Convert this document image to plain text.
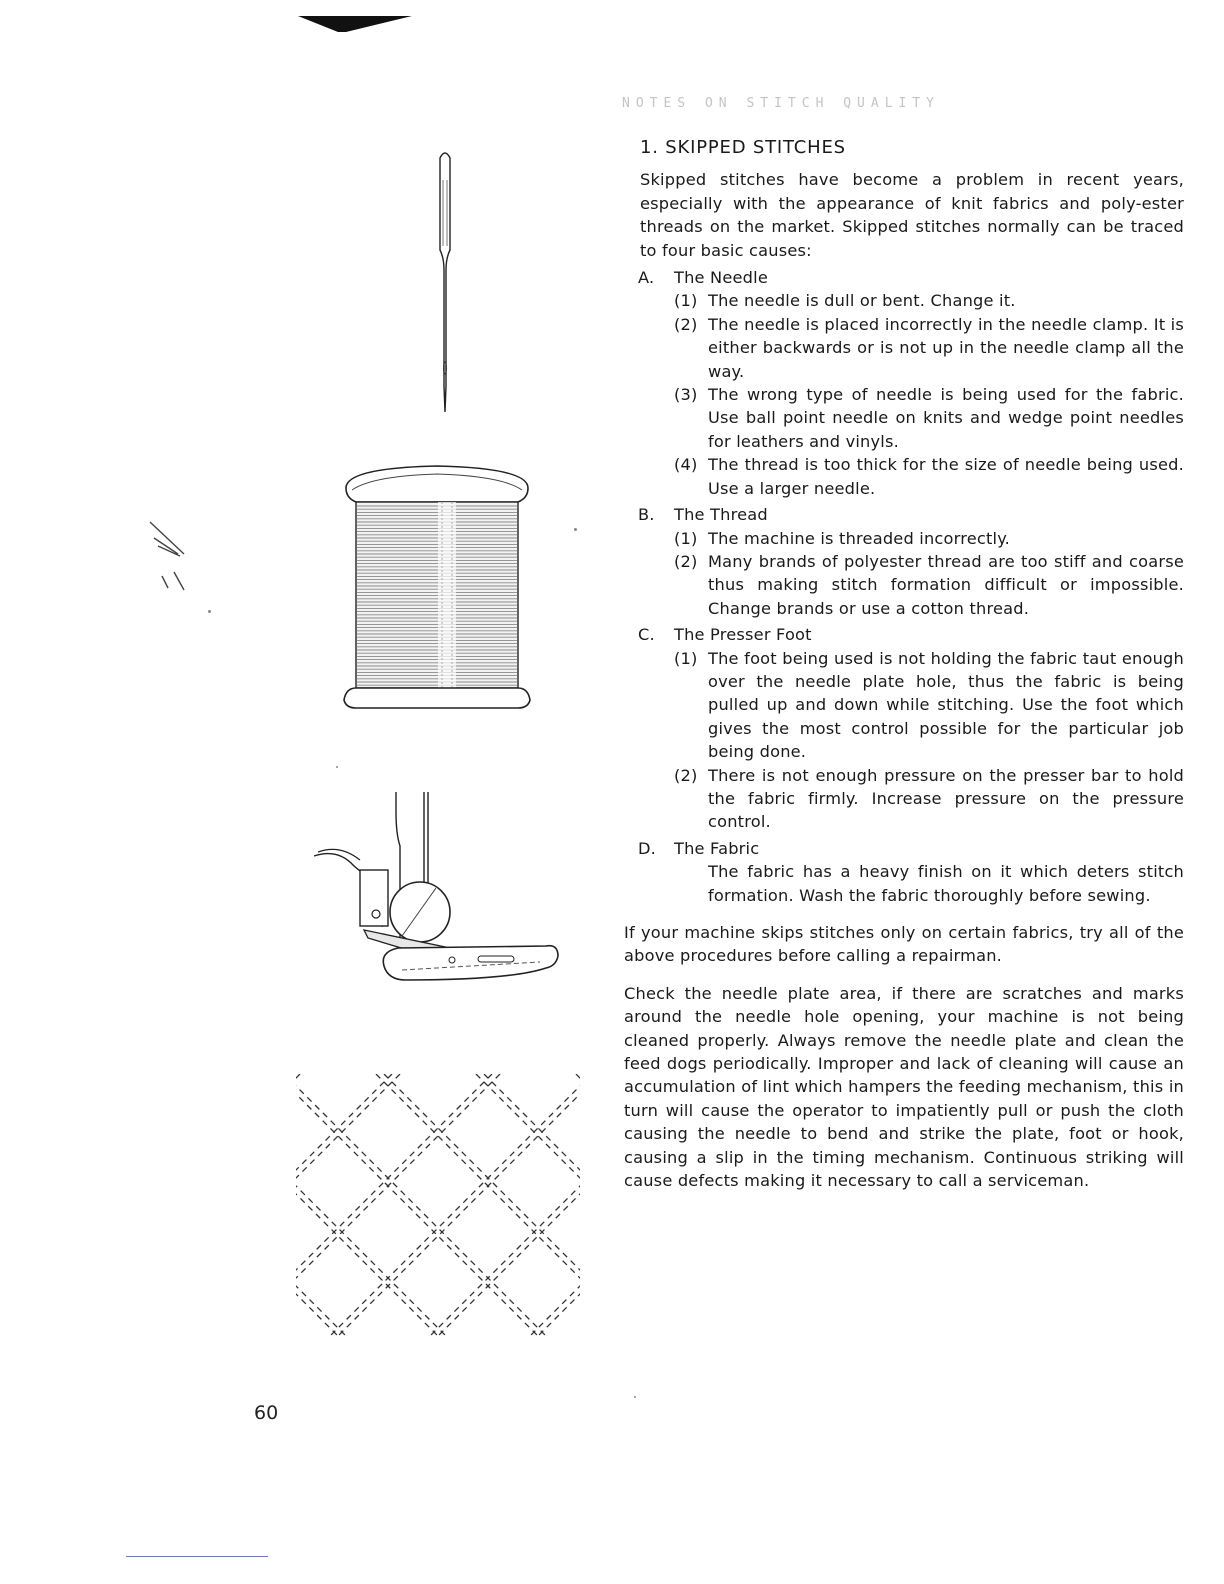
NOTES ON STITCH QUALITY
1. SKIPPED STITCHES

Skipped stitches have become a problem in recent years, especially with the appearance of knit fabrics and poly-ester threads on the market. Skipped stitches normally can be traced to four basic causes:

A.	The Needle
(1) The needle is dull or bent. Change it.
(2) The needle is placed incorrectly in the needle clamp. It is either backwards or is not up in the needle clamp all the way.
(3) The wrong type of needle is being used for the fabric. Use ball point needle on knits and wedge point needles for leathers and vinyls.
(4) The thread is too thick for the size of needle being used. Use a larger needle.
B.	The Thread
(1) The machine is threaded incorrectly.
(2) Many brands of polyester thread are too stiff and coarse thus making stitch formation difficult or impossible. Change brands or use a cotton thread.
C.	The Presser Foot
(1) The foot being used is not holding the fabric taut enough over the needle plate hole, thus the fabric is being pulled up and down while stitching. Use the foot which gives the most control possible for the particular job being done.
(2) There is not enough pressure on the presser bar to hold the fabric firmly. Increase pressure on the pressure control.
D.	The Fabric
The fabric has a heavy finish on it which deters stitch formation. Wash the fabric thoroughly before sewing.

If your machine skips stitches only on certain fabrics, try all of the above procedures before calling a repairman.

Check the needle plate area, if there are scratches and marks around the needle hole opening, your machine is not being cleaned properly. Always remove the needle plate and clean the feed dogs periodically. Improper and lack of cleaning will cause an accumulation of lint which hampers the feeding mechanism, this in turn will cause the operator to impatiently pull or push the cloth causing the needle to bend and strike the plate, foot or hook, causing a slip in the timing mechanism. Continuous striking will cause defects making it necessary to call a serviceman.

60
